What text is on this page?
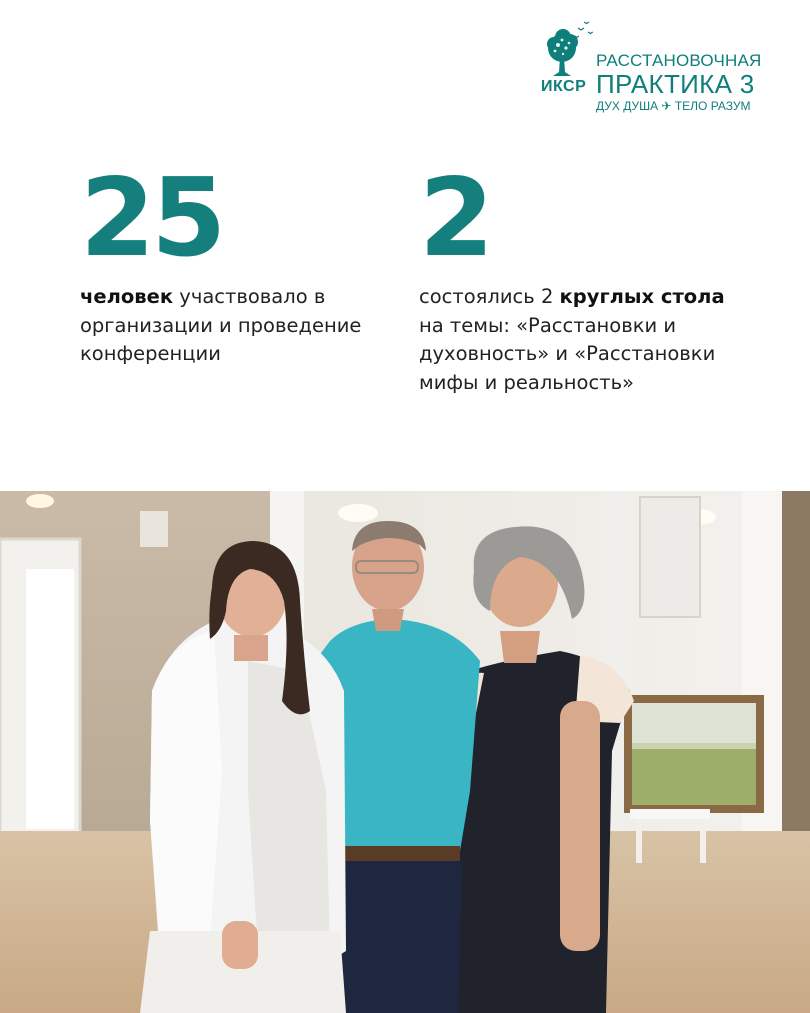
ИКСР
РАССТАНОВОЧНАЯ
ПРАКТИКА 3
ДУХ ДУША ✈ ТЕЛО РАЗУМ
25
человек участвовало в организации и проведение конференции
2
состоялись 2 круглых стола на темы: «Расстановки и духовность» и «Расстановки мифы и реальность»
